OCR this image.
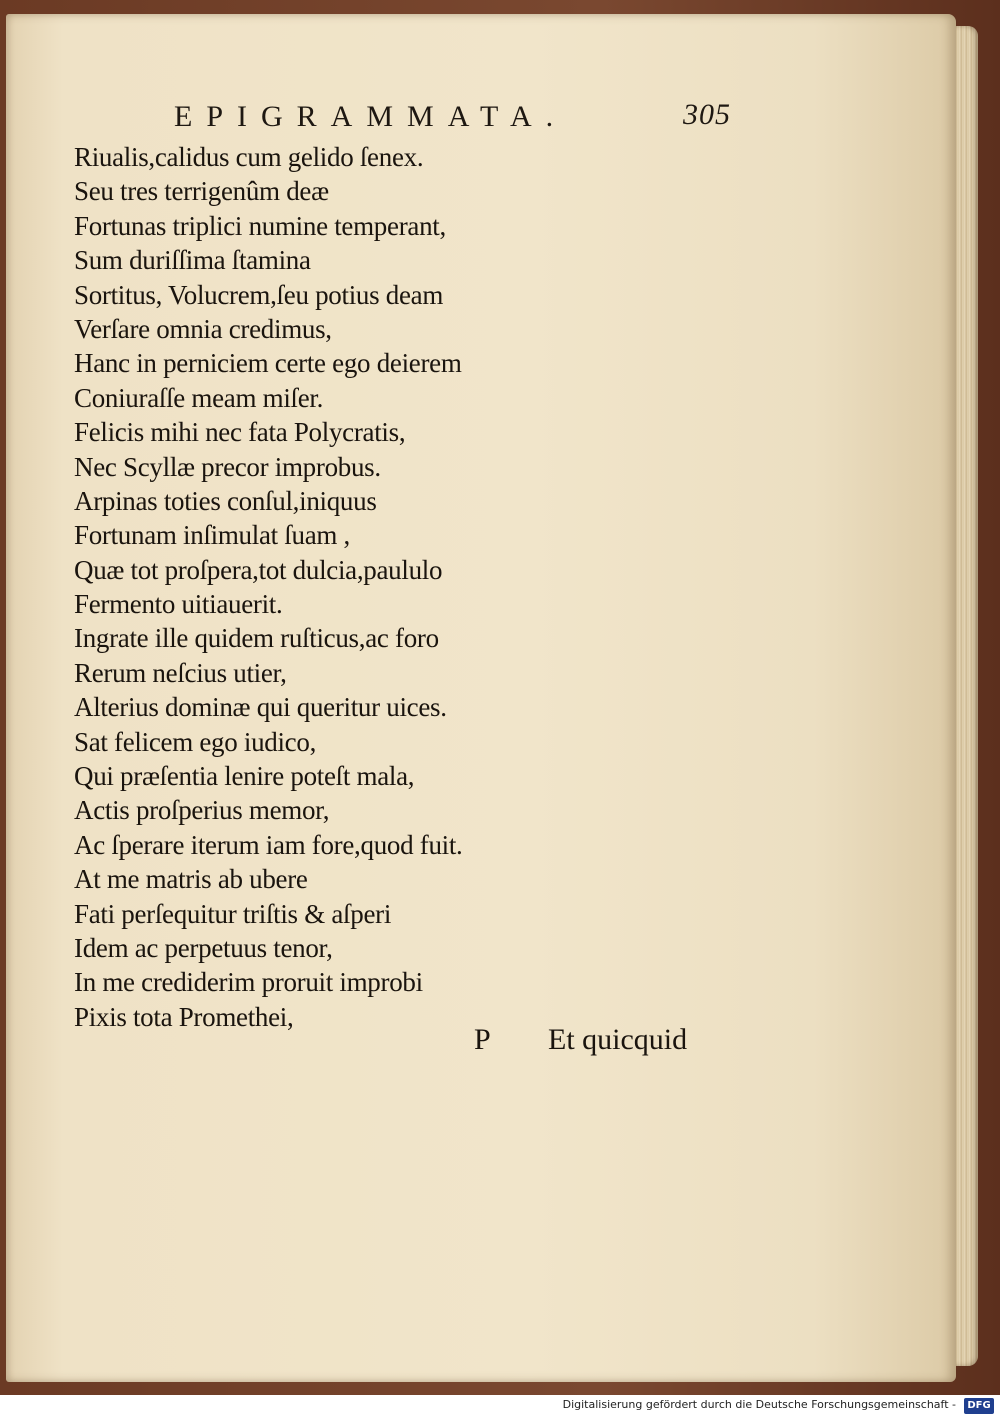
EPIGRAMMATA.	305
Riualis,calidus cum gelido ſenex.
Seu tres terrigenûm deæ
Fortunas triplici numine temperant,
Sum duriſſima ſtamina
Sortitus, Volucrem,ſeu potius deam
Verſare omnia credimus,
Hanc in perniciem certe ego deierem
Coniuraſſe meam miſer.
Felicis mihi nec fata Polycratis,
Nec Scyllæ precor improbus.
Arpinas toties conſul,iniquus
Fortunam inſimulat ſuam ,
Quæ tot proſpera,tot dulcia,paululo
Fermento uitiauerit.
Ingrate ille quidem ruſticus,ac foro
Rerum neſcius utier,
Alterius dominæ qui queritur uices.
Sat felicem ego iudico,
Qui præſentia lenire poteſt mala,
Actis proſperius memor,
Ac ſperare iterum iam fore,quod fuit.
At me matris ab ubere
Fati perſequitur triſtis & aſperi
Idem ac perpetuus tenor,
In me crediderim proruit improbi
Pixis tota Promethei,
P Et quicquid
Digitalisierung gefördert durch die Deutsche Forschungsgemeinschaft -	DFG
